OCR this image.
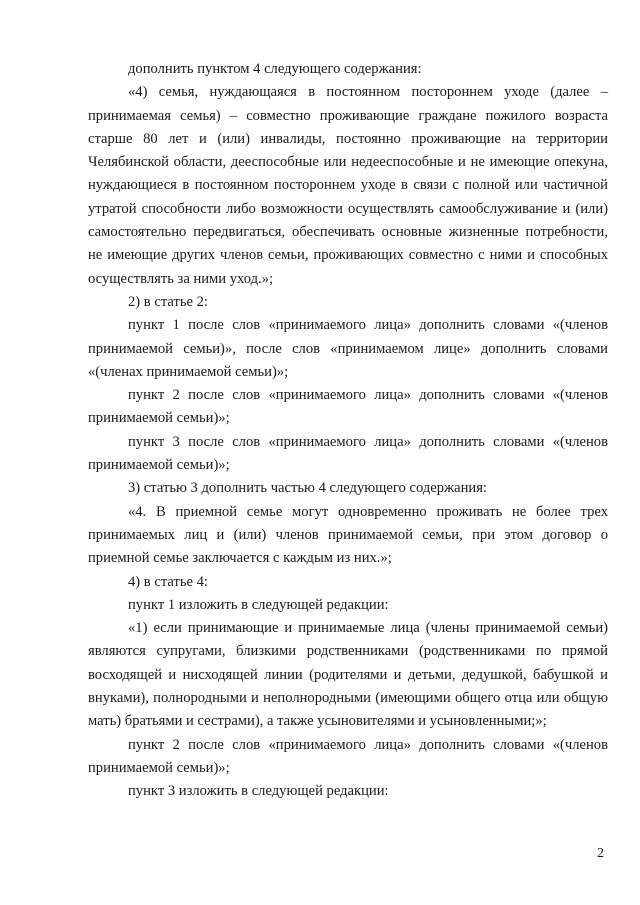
дополнить пунктом 4 следующего содержания:

«4) семья, нуждающаяся в постоянном постороннем уходе (далее – принимаемая семья) – совместно проживающие граждане пожилого возраста старше 80 лет и (или) инвалиды, постоянно проживающие на территории Челябинской области, дееспособные или недееспособные и не имеющие опекуна, нуждающиеся в постоянном постороннем уходе в связи с полной или частичной утратой способности либо возможности осуществлять самообслуживание и (или) самостоятельно передвигаться, обеспечивать основные жизненные потребности, не имеющие других членов семьи, проживающих совместно с ними и способных осуществлять за ними уход.»;

2) в статье 2:

пункт 1 после слов «принимаемого лица» дополнить словами «(членов принимаемой семьи)», после слов «принимаемом лице» дополнить словами «(членах принимаемой семьи)»;

пункт 2 после слов «принимаемого лица» дополнить словами «(членов принимаемой семьи)»;

пункт 3 после слов «принимаемого лица» дополнить словами «(членов принимаемой семьи)»;

3) статью 3 дополнить частью 4 следующего содержания:

«4. В приемной семье могут одновременно проживать не более трех принимаемых лиц и (или) членов принимаемой семьи, при этом договор о приемной семье заключается с каждым из них.»;

4) в статье 4:

пункт 1 изложить в следующей редакции:

«1) если принимающие и принимаемые лица (члены принимаемой семьи) являются супругами, близкими родственниками (родственниками по прямой восходящей и нисходящей линии (родителями и детьми, дедушкой, бабушкой и внуками), полнородными и неполнородными (имеющими общего отца или общую мать) братьями и сестрами), а также усыновителями и усыновленными;»;

пункт 2 после слов «принимаемого лица» дополнить словами «(членов принимаемой семьи)»;

пункт 3 изложить в следующей редакции:

2
